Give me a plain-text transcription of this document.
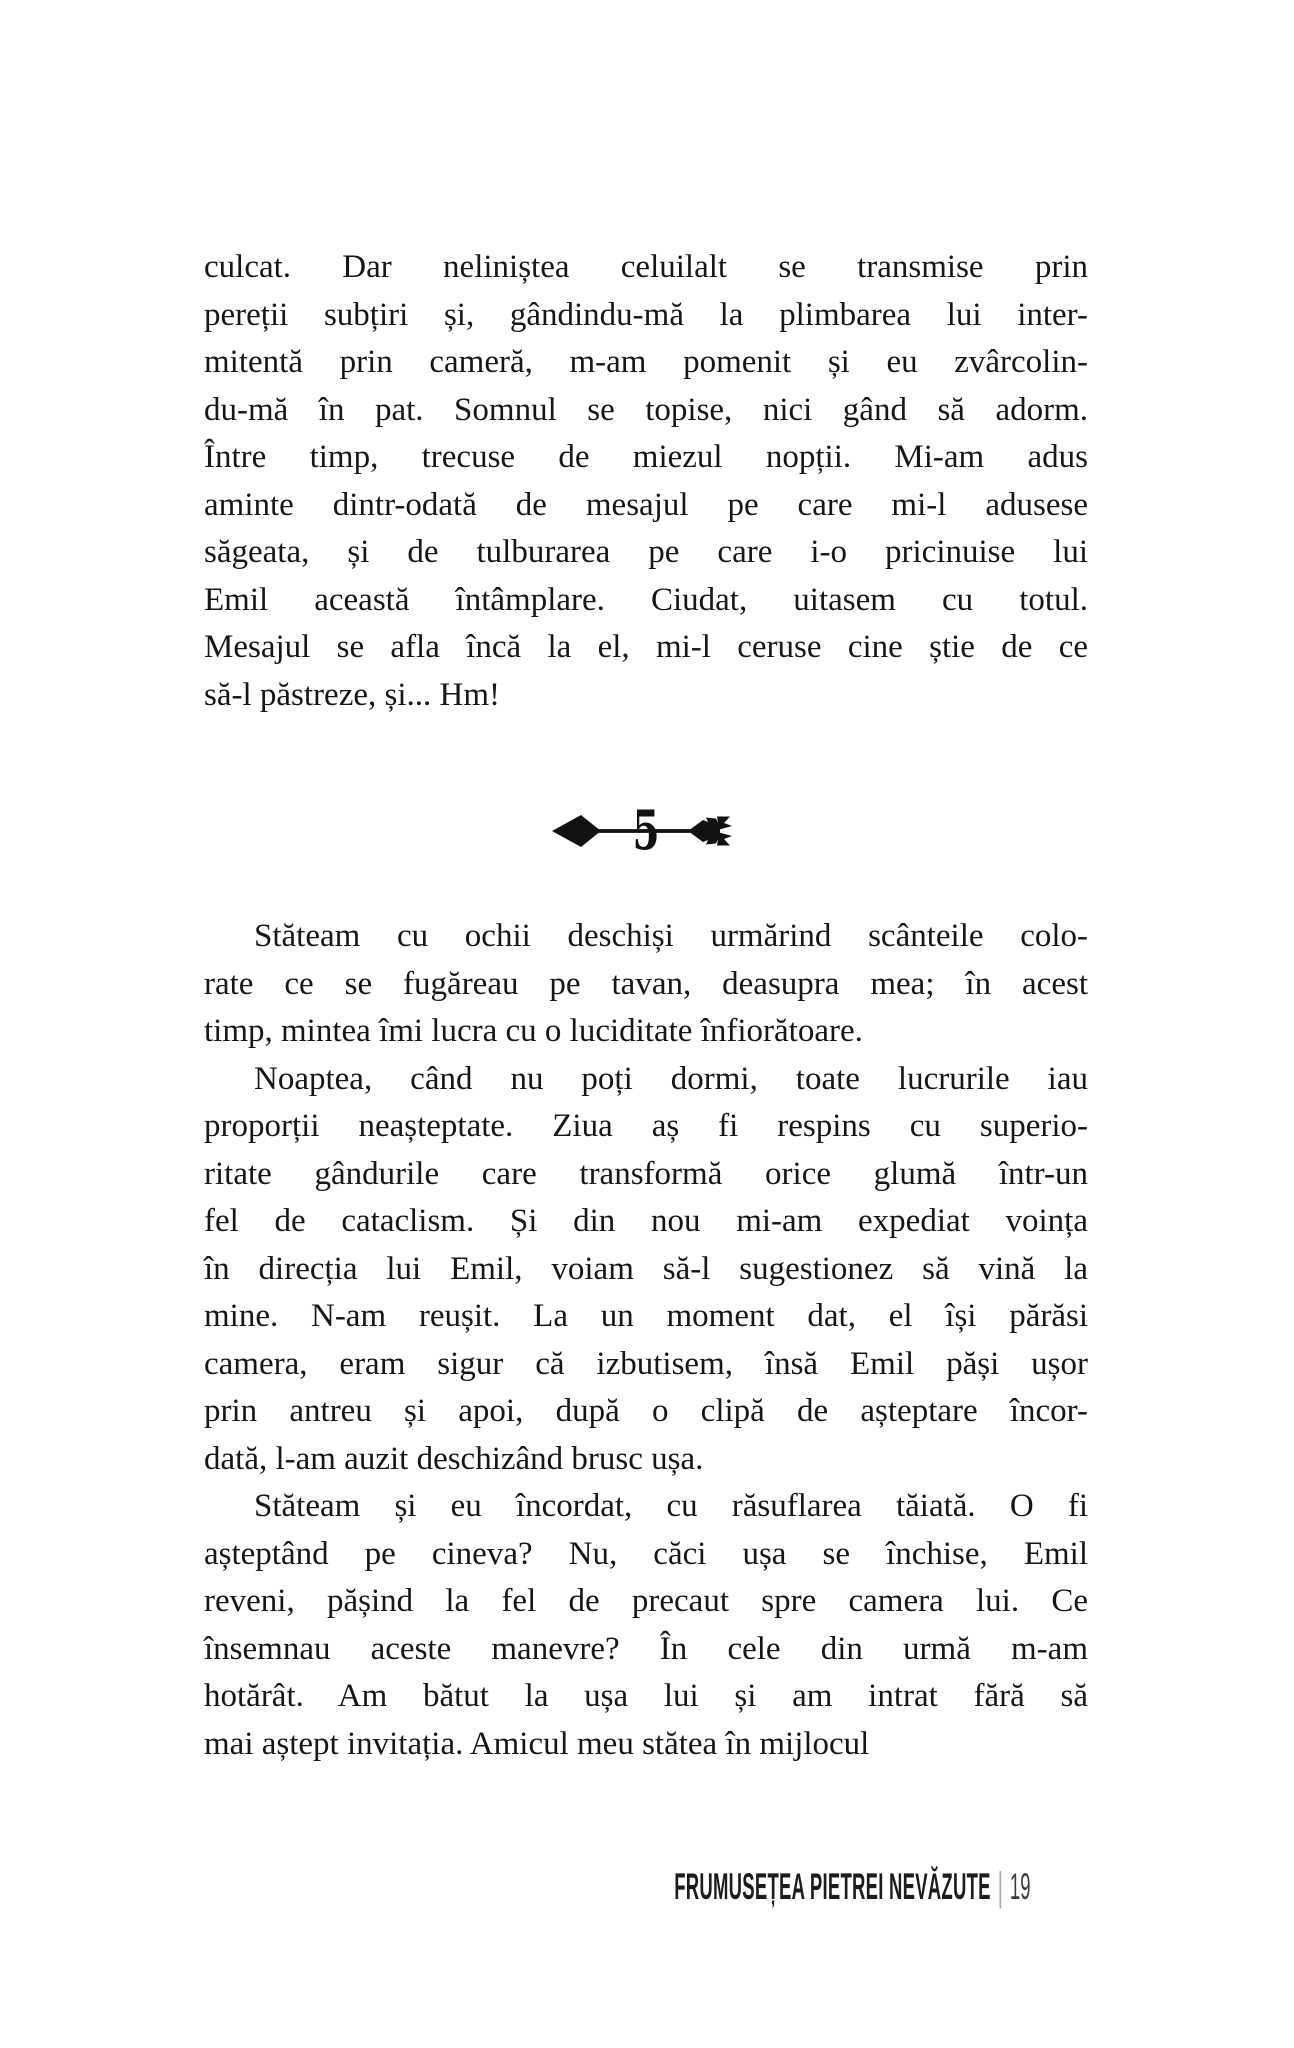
culcat. Dar neliniștea celuilalt se transmise prin
pereții subțiri și, gândindu-mă la plimbarea lui inter-
mitentă prin cameră, m-am pomenit și eu zvârcolin-
du-mă în pat. Somnul se topise, nici gând să adorm.
Între timp, trecuse de miezul nopții. Mi-am adus
aminte dintr-odată de mesajul pe care mi-l adusese
săgeata, și de tulburarea pe care i-o pricinuise lui
Emil această întâmplare. Ciudat, uitasem cu totul.
Mesajul se afla încă la el, mi-l ceruse cine știe de ce
să-l păstreze, și... Hm!
5
Stăteam cu ochii deschiși urmărind scânteile colo-
rate ce se fugăreau pe tavan, deasupra mea; în acest
timp, mintea îmi lucra cu o luciditate înfiorătoare.
Noaptea, când nu poți dormi, toate lucrurile iau
proporții neașteptate. Ziua aș fi respins cu superio-
ritate gândurile care transformă orice glumă într-un
fel de cataclism. Și din nou mi-am expediat voința
în direcția lui Emil, voiam să-l sugestionez să vină la
mine. N-am reușit. La un moment dat, el își părăsi
camera, eram sigur că izbutisem, însă Emil păși ușor
prin antreu și apoi, după o clipă de așteptare încor-
dată, l-am auzit deschizând brusc ușa.
Stăteam și eu încordat, cu răsuflarea tăiată. O fi
așteptând pe cineva? Nu, căci ușa se închise, Emil
reveni, pășind la fel de precaut spre camera lui. Ce
însemnau aceste manevre? În cele din urmă m-am
hotărât. Am bătut la ușa lui și am intrat fără să
mai aștept invitația. Amicul meu stătea în mijlocul
FRUMUSEȚEA PIETREI NEVĂZUTE | 19
